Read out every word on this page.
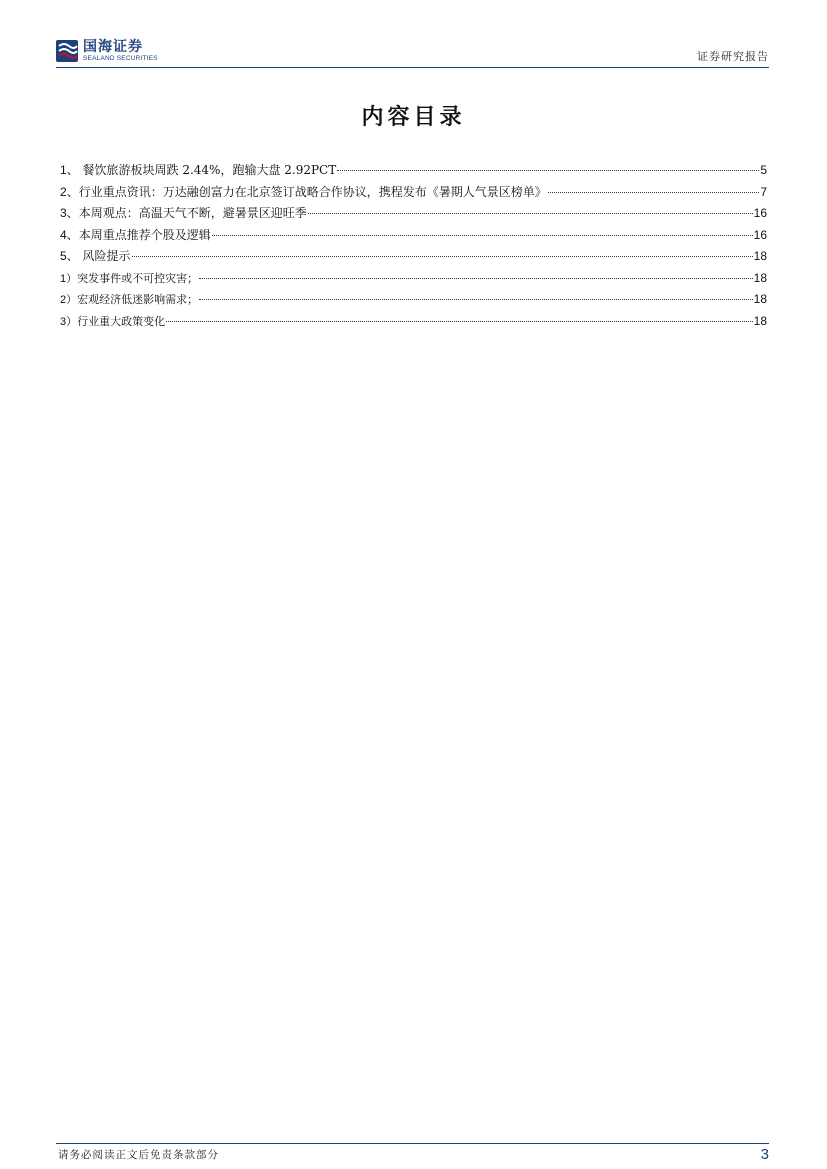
国海证券
SEALAND SECURITIES	证券研究报告
内容目录
1、 餐饮旅游板块周跌 2.44%，跑输大盘 2.92PCT	5
2、行业重点资讯：万达融创富力在北京签订战略合作协议，携程发布《暑期人气景区榜单》	7
3、本周观点：高温天气不断，避暑景区迎旺季	16
4、本周重点推荐个股及逻辑	16
5、 风险提示	18
1）突发事件或不可控灾害；	18
2）宏观经济低迷影响需求；	18
3）行业重大政策变化	18
请务必阅读正文后免责条款部分	3
